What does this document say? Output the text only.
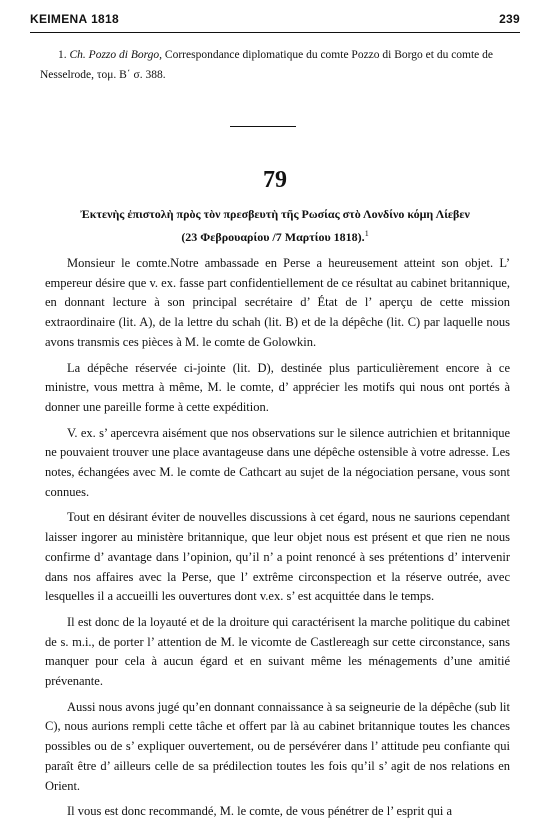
ΚΕΙΜΕΝΑ 1818	239
1. Ch. Pozzo di Borgo, Correspondance diplomatique du comte Pozzo di Borgo et du comte de Nesselrode, τομ. Β΄ σ. 388.
79
Ἐκτενὴς ἐπιστολὴ πρὸς τὸν πρεσβευτὴ τῆς Ρωσίας στὸ Λονδίνο κόμη Λίεβεν
(23 Φεβρουαρίου /7 Μαρτίου 1818).$^1$

Monsieur le comte.Notre ambassade en Perse a heureusement atteint son objet. L’ empereur désire que v. ex. fasse part confidentiellement de ce résultat au cabinet britannique, en donnant lecture à son principal secrétaire d’ État de l’ aperçu de cette mission extraordinaire (lit. A), de la lettre du schah (lit. B) et de la dépêche (lit. C) par laquelle nous avons transmis ces pièces à M. le comte de Golowkin.

La dépêche réservée ci-jointe (lit. D), destinée plus particulièrement encore à ce ministre, vous mettra à même, M. le comte, d’ apprécier les motifs qui nous ont portés à donner une pareille forme à cette expédition.

V. ex. s’ apercevra aisément que nos observations sur le silence autrichien et britannique ne pouvaient trouver une place avantageuse dans une dépêche ostensible à votre adresse. Les notes, échangées avec M. le comte de Cathcart au sujet de la négociation persane, vous sont connues.

Tout en désirant éviter de nouvelles discussions à cet égard, nous ne saurions cependant laisser ingorer au ministère britannique, que leur objet nous est présent et que rien ne nous confirme d’ avantage dans l’opinion, qu’il n’ a point renoncé à ses prétentions d’ intervenir dans nos affaires avec la Perse, que l’ extrême circonspection et la réserve outrée, avec lesquelles il a accueilli les ouvertures dont v.ex. s’ est acquittée dans le temps.

Il est donc de la loyauté et de la droiture qui caractérisent la marche politique du cabinet de s. m.i., de porter l’ attention de M. le vicomte de Castlereagh sur cette circonstance, sans manquer pour cela à aucun égard et en suivant même les ménagements d’une amitié prévenante.

Aussi nous avons jugé qu’en donnant connaissance à sa seigneurie de la dépêche (sub lit C), nous aurions rempli cette tâche et offert par là au cabinet britannique toutes les chances possibles ou de s’ expliquer ouvertement, ou de persévérer dans l’ attitude peu confiante qui paraît être d’ ailleurs celle de sa prédilection toutes les fois qu’il s’ agit de nos relations en Orient.

Il vous est donc recommandé, M. le comte, de vous pénétrer de l’ esprit qui a
